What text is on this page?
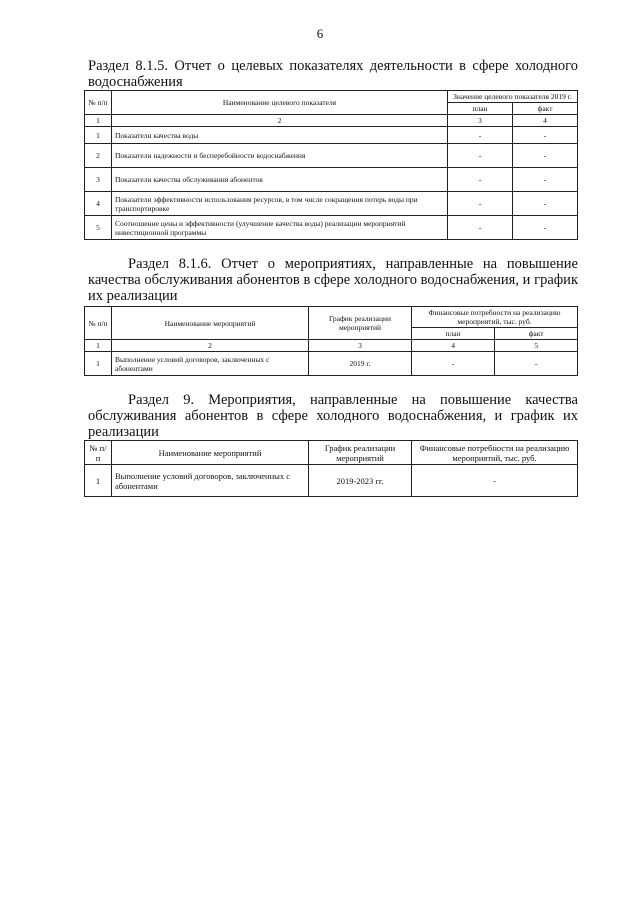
6
Раздел 8.1.5. Отчет о целевых показателях деятельности в сфере холодного водоснабжения
№ п/п	Наименование целевого показателя	Значение целевого показателя 2019 г.	
		план	факт
1	2	3	4
1	Показатели качества воды	-	-
2	Показатели надежности и бесперебойности водоснабжения	-	-
3	Показатели качества обслуживания абонентов	-	-
4	Показатели эффективности использования ресурсов, в том числе сокращения потерь воды при транспортировке	-	-
5	Соотношение цены и эффективности (улучшение качества воды) реализации мероприятий инвестиционной программы	-	-
Раздел 8.1.6. Отчет о мероприятиях, направленные на повышение качества обслуживания абонентов в сфере холодного водоснабжения, и график их реализации
№ п/п	Наименование мероприятий	График реализации мероприятий	Финансовые потребности на реализацию мероприятий, тыс. руб.	
			план	факт
1	2	3	4	5
1	Выполнение условий договоров, заключенных с абонентами	2019 г.	-	-
Раздел 9. Мероприятия, направленные на повышение качества обслуживания абонентов в сфере холодного водоснабжения, и график их реализации
№ п/п	Наименование мероприятий	График реализации мероприятий	Финансовые потребности на реализацию мероприятий, тыс. руб.
1	Выполнение условий договоров, заключенных с абонентами	2019-2023 гг.	-
